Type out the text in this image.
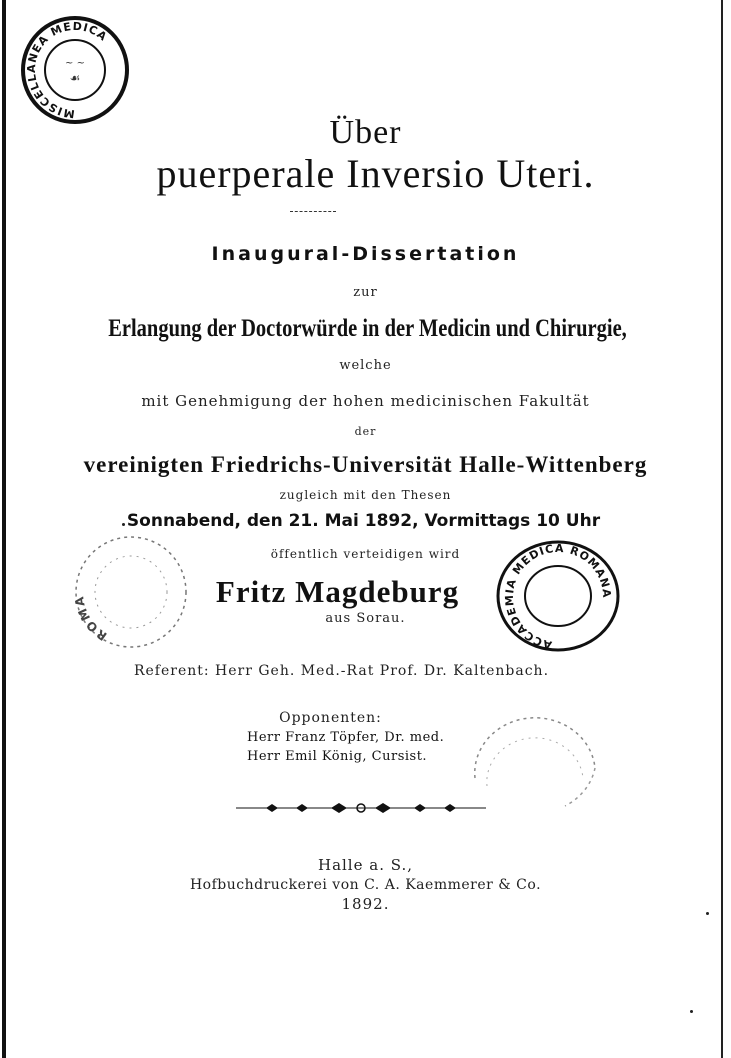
MISCELLANEA MEDICA
~ ~
☙
Über
puerperale Inversio Uteri.
Inaugural-Dissertation
zur
Erlangung der Doctorwürde in der Medicin und Chirurgie,
welche
mit Genehmigung der hohen medicinischen Fakultät
der
vereinigten Friedrichs-Universität Halle-Wittenberg
zugleich mit den Thesen
Sonnabend, den 21. Mai 1892, Vormittags 10 Uhr
öffentlich verteidigen wird
Fritz Magdeburg
aus Sorau.
ROMA
ACCADEMIA MEDICA ROMANA
Referent: Herr Geh. Med.-Rat Prof. Dr. Kaltenbach.
Opponenten:
Herr Franz Töpfer, Dr. med.
Herr Emil König, Cursist.
Halle a. S.,
Hofbuchdruckerei von C. A. Kaemmerer & Co.
1892.
